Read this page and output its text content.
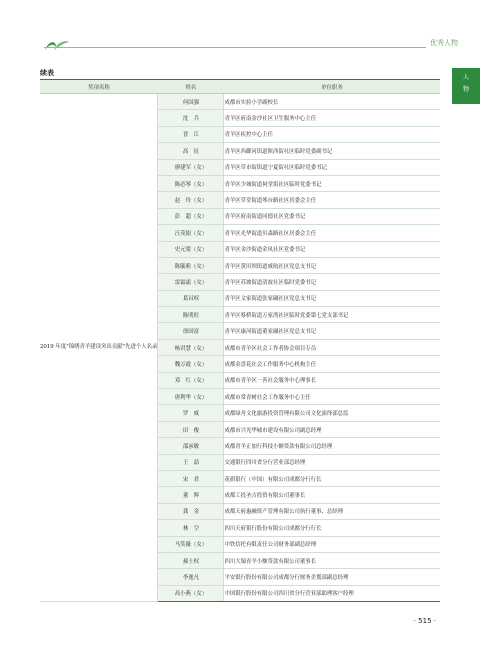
优秀人物
人
物
续表
奖项名称	姓名	单位职务
2019 年度"锦绣青羊建设突出贡献"先进个人名录	何国强	成都市实验小学副校长
	沈　兵	青羊区府南金沙社区卫生服务中心主任
	晋　江	青羊区疾控中心主任
	高　征	青羊区西御河街道陕西街社区临时党委副书记
	廖建军（女）	青羊区草市街街道宁夏街社区临时党委书记
	陈必琴（女）	青羊区少城街道祠堂街社区临时党委书记
	赵　玲（女）	青羊区草堂街道琴台路社区居委会主任
	彭　超（女）	青羊区府南街道同德社区党委书记
	汪茂娟（女）	青羊区光华街道贝森路社区居委会主任
	史元梁（女）	青羊区金沙街道金凤社区党委书记
	陈毓莉（女）	青羊区黄田坝街道威航社区党总支书记
	雷霜霜（女）	青羊区苏坡街道清波社区临时党委书记
	葛昌权	青羊区文家街道张家碾社区党总支书记
	陈明旺	青羊区蔡桥街道万家湾社区临时党委第七党支部书记
	徐国富	青羊区康河街道董家碾社区党总支书记
	杨君慧（女）	成都市青羊区社会工作者协会项目专员
	魏万霞（女）	成都金盘花社会工作服务中心机构主任
	邓　红（女）	成都市青羊区一善社会服务中心理事长
	唐利华（女）	成都市常青树社会工作服务中心主任
	罗　威	成都绿舟文化旅游投资管理有限公司文化演绎部总监
	田　俊	成都市兴光华城市建设有限公司副总经理
	邵承敏	成都青羊正加行科技小额贷款有限公司总经理
	王　喆	交通银行四川省分行营业部总经理
	宋　君	花旗银行（中国）有限公司成都分行行长
	董　晖	成都工投圣吉投资有限公司董事长
	龚　金	成都天府惠融资产管理有限公司执行董事、总经理
	林　空	四川天府银行股份有限公司成都分行行长
	马笑薇（女）	中铁信托有限责任公司财务部副总经理
	郝士权	四川大蜀青羊小额贷款有限公司董事长
	李逸凡	平安银行股份有限公司成都分行财务企划部副总经理
	高小燕（女）	中国银行股份有限公司四川省分行营业部助理客户经理
· 515 ·
